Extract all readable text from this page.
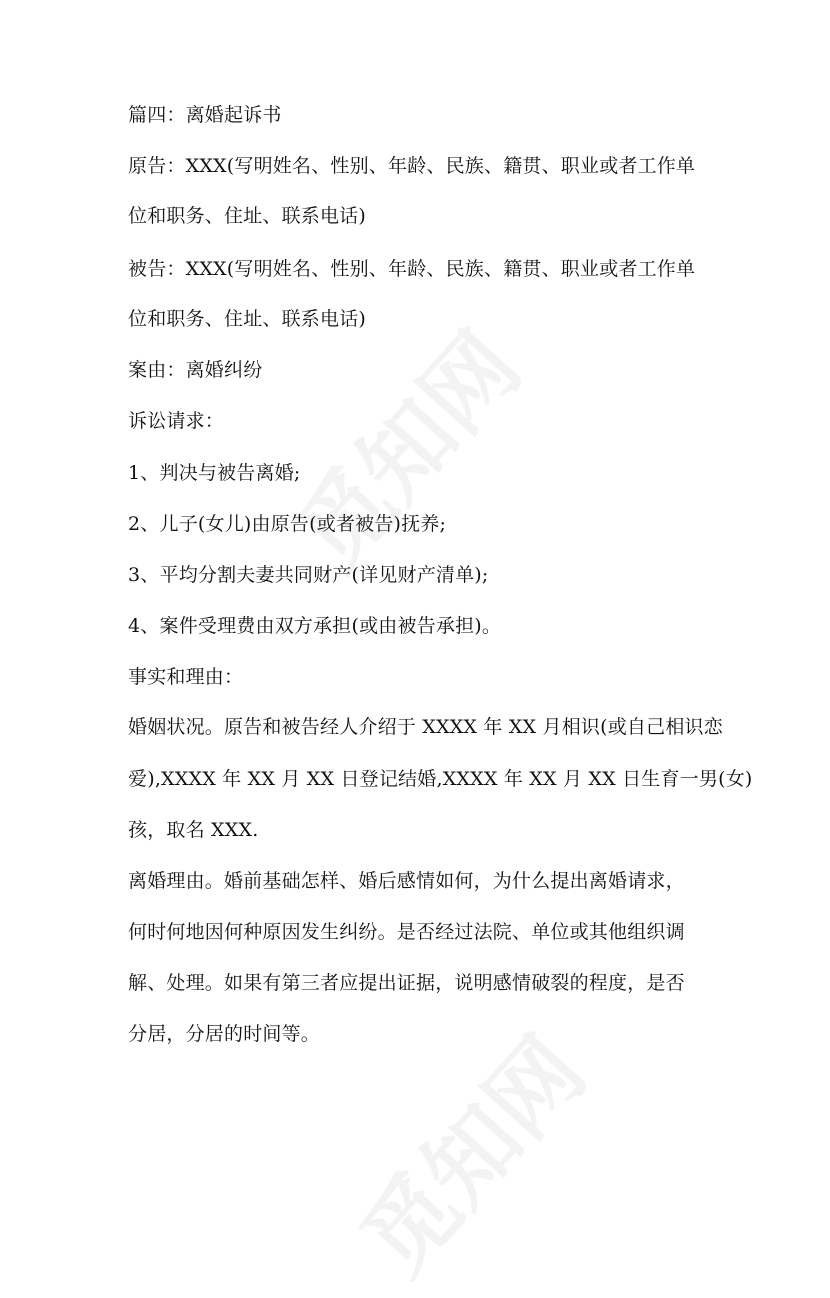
篇四：离婚起诉书
原告：XXX(写明姓名、性别、年龄、民族、籍贯、职业或者工作单
位和职务、住址、联系电话)
被告：XXX(写明姓名、性别、年龄、民族、籍贯、职业或者工作单
位和职务、住址、联系电话)
案由：离婚纠纷
诉讼请求：
1、判决与被告离婚;
2、儿子(女儿)由原告(或者被告)抚养;
3、平均分割夫妻共同财产(详见财产清单);
4、案件受理费由双方承担(或由被告承担)。
事实和理由：
婚姻状况。原告和被告经人介绍于 XXXX 年 XX 月相识(或自己相识恋
爱),XXXX 年 XX 月 XX 日登记结婚,XXXX 年 XX 月 XX 日生育一男(女)
孩，取名 XXX.
离婚理由。婚前基础怎样、婚后感情如何，为什么提出离婚请求，
何时何地因何种原因发生纠纷。是否经过法院、单位或其他组织调
解、处理。如果有第三者应提出证据，说明感情破裂的程度，是否
分居，分居的时间等。
